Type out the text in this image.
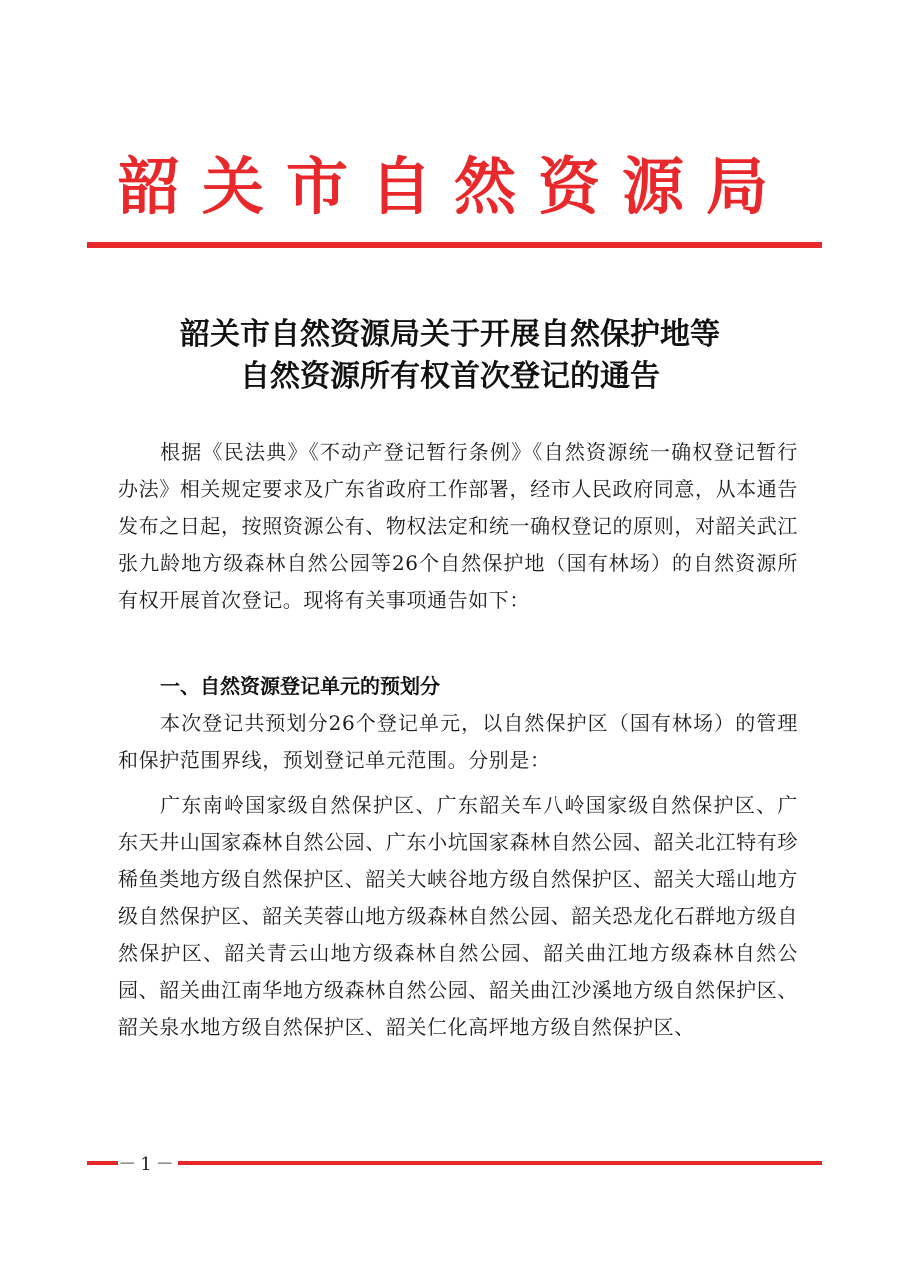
韶关市自然资源局
韶关市自然资源局关于开展自然保护地等
自然资源所有权首次登记的通告
根据《民法典》《不动产登记暂行条例》《自然资源统一确权登记暂行办法》相关规定要求及广东省政府工作部署，经市人民政府同意，从本通告发布之日起，按照资源公有、物权法定和统一确权登记的原则，对韶关武江张九龄地方级森林自然公园等26个自然保护地（国有林场）的自然资源所有权开展首次登记。现将有关事项通告如下：
一、自然资源登记单元的预划分
本次登记共预划分26个登记单元，以自然保护区（国有林场）的管理和保护范围界线，预划登记单元范围。分别是：
广东南岭国家级自然保护区、广东韶关车八岭国家级自然保护区、广东天井山国家森林自然公园、广东小坑国家森林自然公园、韶关北江特有珍稀鱼类地方级自然保护区、韶关大峡谷地方级自然保护区、韶关大瑶山地方级自然保护区、韶关芙蓉山地方级森林自然公园、韶关恐龙化石群地方级自然保护区、韶关青云山地方级森林自然公园、韶关曲江地方级森林自然公园、韶关曲江南华地方级森林自然公园、韶关曲江沙溪地方级自然保护区、韶关泉水地方级自然保护区、韶关仁化高坪地方级自然保护区、
－1－
